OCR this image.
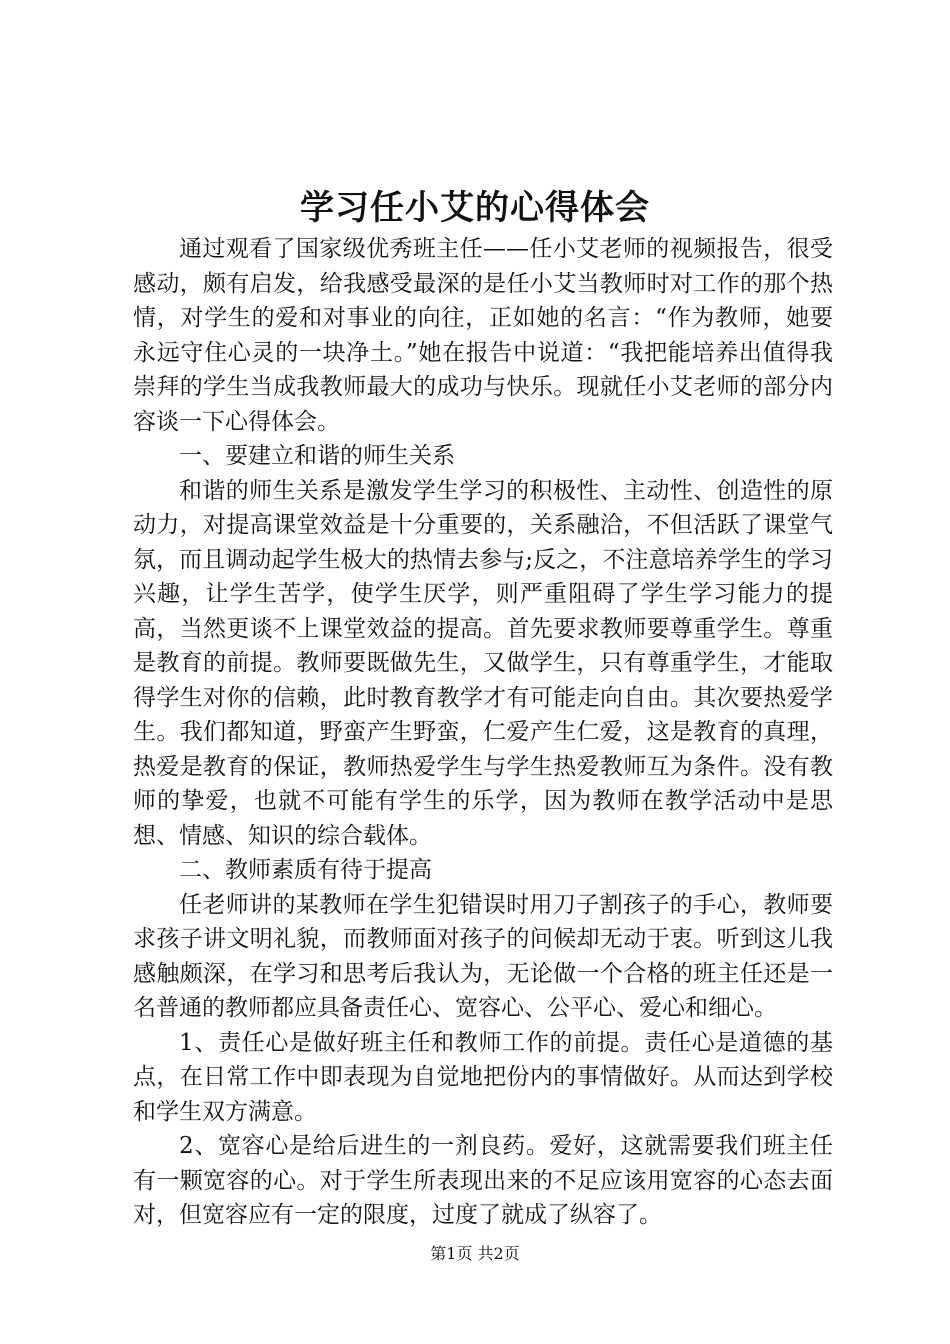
学习任小艾的心得体会

通过观看了国家级优秀班主任——任小艾老师的视频报告，很受感动，颇有启发，给我感受最深的是任小艾当教师时对工作的那个热情，对学生的爱和对事业的向往，正如她的名言：“作为教师，她要永远守住心灵的一块净土。”她在报告中说道：“我把能培养出值得我崇拜的学生当成我教师最大的成功与快乐。现就任小艾老师的部分内容谈一下心得体会。

一、要建立和谐的师生关系

和谐的师生关系是激发学生学习的积极性、主动性、创造性的原动力，对提高课堂效益是十分重要的，关系融洽，不但活跃了课堂气氛，而且调动起学生极大的热情去参与;反之，不注意培养学生的学习兴趣，让学生苦学，使学生厌学，则严重阻碍了学生学习能力的提高，当然更谈不上课堂效益的提高。首先要求教师要尊重学生。尊重是教育的前提。教师要既做先生，又做学生，只有尊重学生，才能取得学生对你的信赖，此时教育教学才有可能走向自由。其次要热爱学生。我们都知道，野蛮产生野蛮，仁爱产生仁爱，这是教育的真理，热爱是教育的保证，教师热爱学生与学生热爱教师互为条件。没有教师的挚爱，也就不可能有学生的乐学，因为教师在教学活动中是思想、情感、知识的综合载体。

二、教师素质有待于提高

任老师讲的某教师在学生犯错误时用刀子割孩子的手心，教师要求孩子讲文明礼貌，而教师面对孩子的问候却无动于衷。听到这儿我感触颇深，在学习和思考后我认为，无论做一个合格的班主任还是一名普通的教师都应具备责任心、宽容心、公平心、爱心和细心。

1、责任心是做好班主任和教师工作的前提。责任心是道德的基点，在日常工作中即表现为自觉地把份内的事情做好。从而达到学校和学生双方满意。

2、宽容心是给后进生的一剂良药。爱好，这就需要我们班主任有一颗宽容的心。对于学生所表现出来的不足应该用宽容的心态去面对，但宽容应有一定的限度，过度了就成了纵容了。

第1页 共2页
